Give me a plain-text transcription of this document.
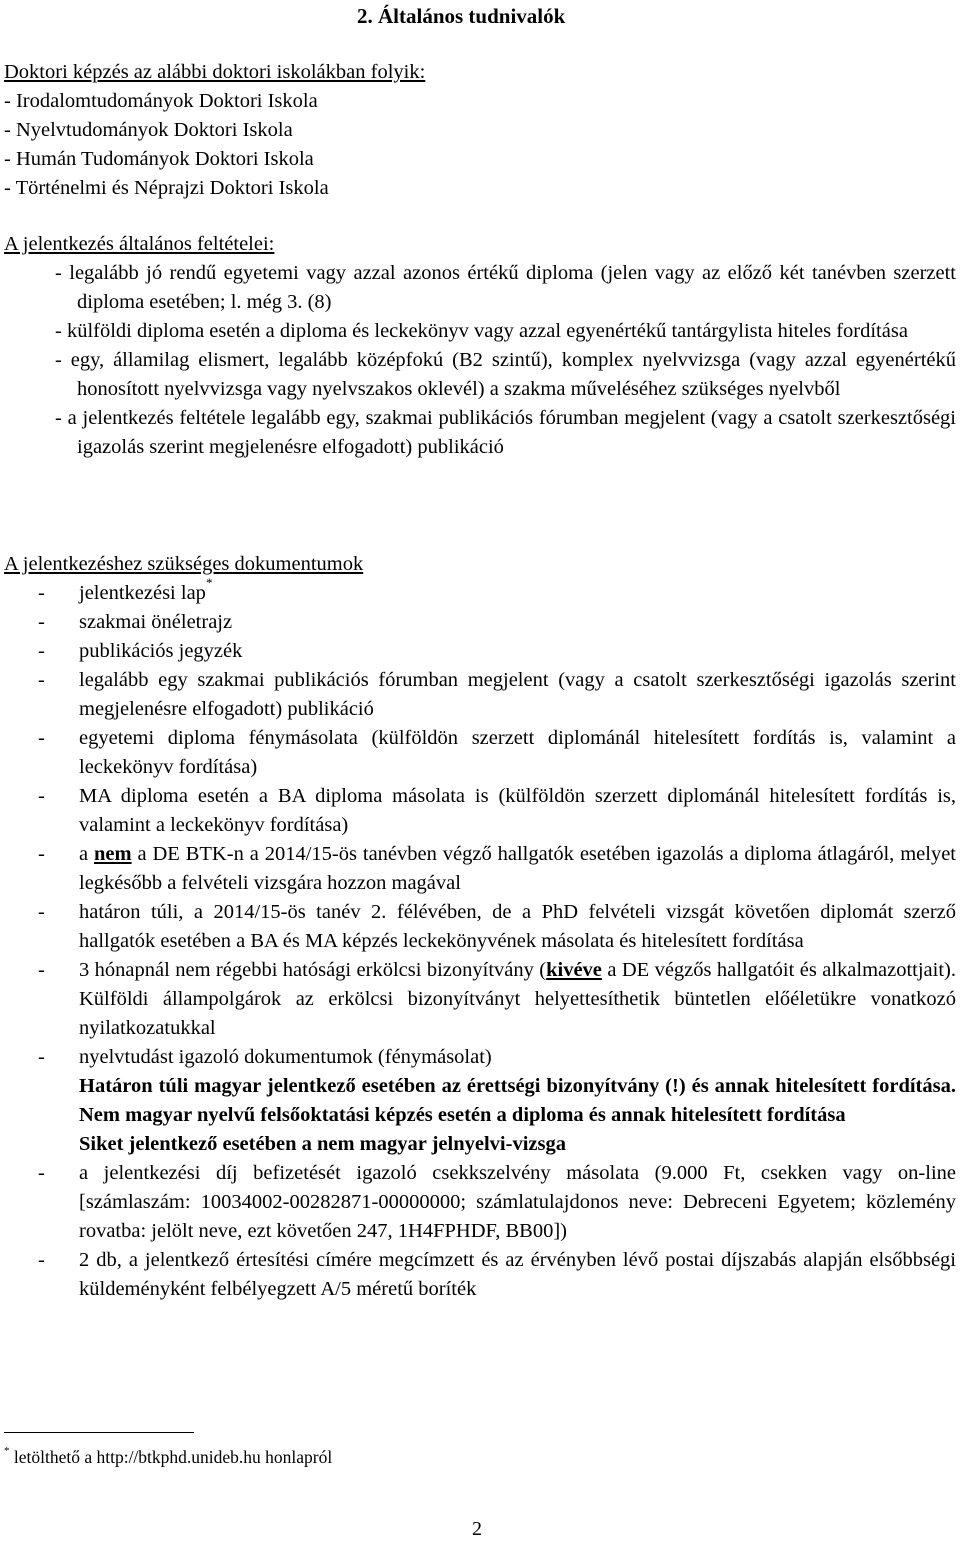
2. Általános tudnivalók

Doktori képzés az alábbi doktori iskolákban folyik:

- Irodalomtudományok Doktori Iskola

- Nyelvtudományok Doktori Iskola

- Humán Tudományok Doktori Iskola

- Történelmi és Néprajzi Doktori Iskola

A jelentkezés általános feltételei:

- legalább jó rendű egyetemi vagy azzal azonos értékű diploma (jelen vagy az előző két tanévben szerzett diploma esetében; l. még 3. (8)

- külföldi diploma esetén a diploma és leckekönyv vagy azzal egyenértékű tantárgylista hiteles fordítása

- egy, államilag elismert, legalább középfokú (B2 szintű), komplex nyelvvizsga (vagy azzal egyenértékű honosított nyelvvizsga vagy nyelvszakos oklevél) a szakma műveléséhez szükséges nyelvből

- a jelentkezés feltétele legalább egy, szakmai publikációs fórumban megjelent (vagy a csatolt szerkesztőségi igazolás szerint megjelenésre elfogadott) publikáció

A jelentkezéshez szükséges dokumentumok

- jelentkezési lap*
- szakmai önéletrajz
- publikációs jegyzék
- legalább egy szakmai publikációs fórumban megjelent (vagy a csatolt szerkesztőségi igazolás szerint megjelenésre elfogadott) publikáció
- egyetemi diploma fénymásolata (külföldön szerzett diplománál hitelesített fordítás is, valamint a leckekönyv fordítása)
- MA diploma esetén a BA diploma másolata is (külföldön szerzett diplománál hitelesített fordítás is, valamint a leckekönyv fordítása)
- a nem a DE BTK-n a 2014/15-ös tanévben végző hallgatók esetében igazolás a diploma átlagáról, melyet legkésőbb a felvételi vizsgára hozzon magával
- határon túli, a 2014/15-ös tanév 2. félévében, de a PhD felvételi vizsgát követően diplomát szerző hallgatók esetében a BA és MA képzés leckekönyvének másolata és hitelesített fordítása
- 3 hónapnál nem régebbi hatósági erkölcsi bizonyítvány (kivéve a DE végzős hallgatóit és alkalmazottjait). Külföldi állampolgárok az erkölcsi bizonyítványt helyettesíthetik büntetlen előéletükre vonatkozó nyilatkozatukkal
- nyelvtudást igazoló dokumentumok (fénymásolat)

Határon túli magyar jelentkező esetében az érettségi bizonyítvány (!) és annak hitelesített fordítása. Nem magyar nyelvű felsőoktatási képzés esetén a diploma és annak hitelesített fordítása

Siket jelentkező esetében a nem magyar jelnyelvi-vizsga

- a jelentkezési díj befizetését igazoló csekkszelvény másolata (9.000 Ft, csekken vagy on-line [számlaszám: 10034002-00282871-00000000; számlatulajdonos neve: Debreceni Egyetem; közlemény rovatba: jelölt neve, ezt követően 247, 1H4FPHDF, BB00])
- 2 db, a jelentkező értesítési címére megcímzett és az érvényben lévő postai díjszabás alapján elsőbbségi küldeményként felbélyegzett A/5 méretű boríték
* letölthető a http://btkphd.unideb.hu honlapról
2
